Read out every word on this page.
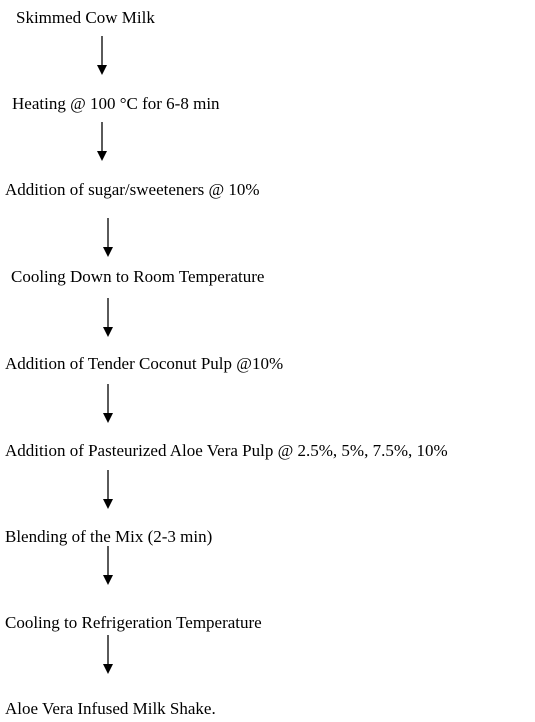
Skimmed Cow Milk
Heating @ 100 °C for 6-8 min
Addition of sugar/sweeteners @ 10%
Cooling Down to Room Temperature
Addition of Tender Coconut Pulp @10%
Addition of Pasteurized Aloe Vera Pulp @ 2.5%, 5%, 7.5%, 10%
Blending of the Mix (2-3 min)
Cooling to Refrigeration Temperature
Aloe Vera Infused Milk Shake.
